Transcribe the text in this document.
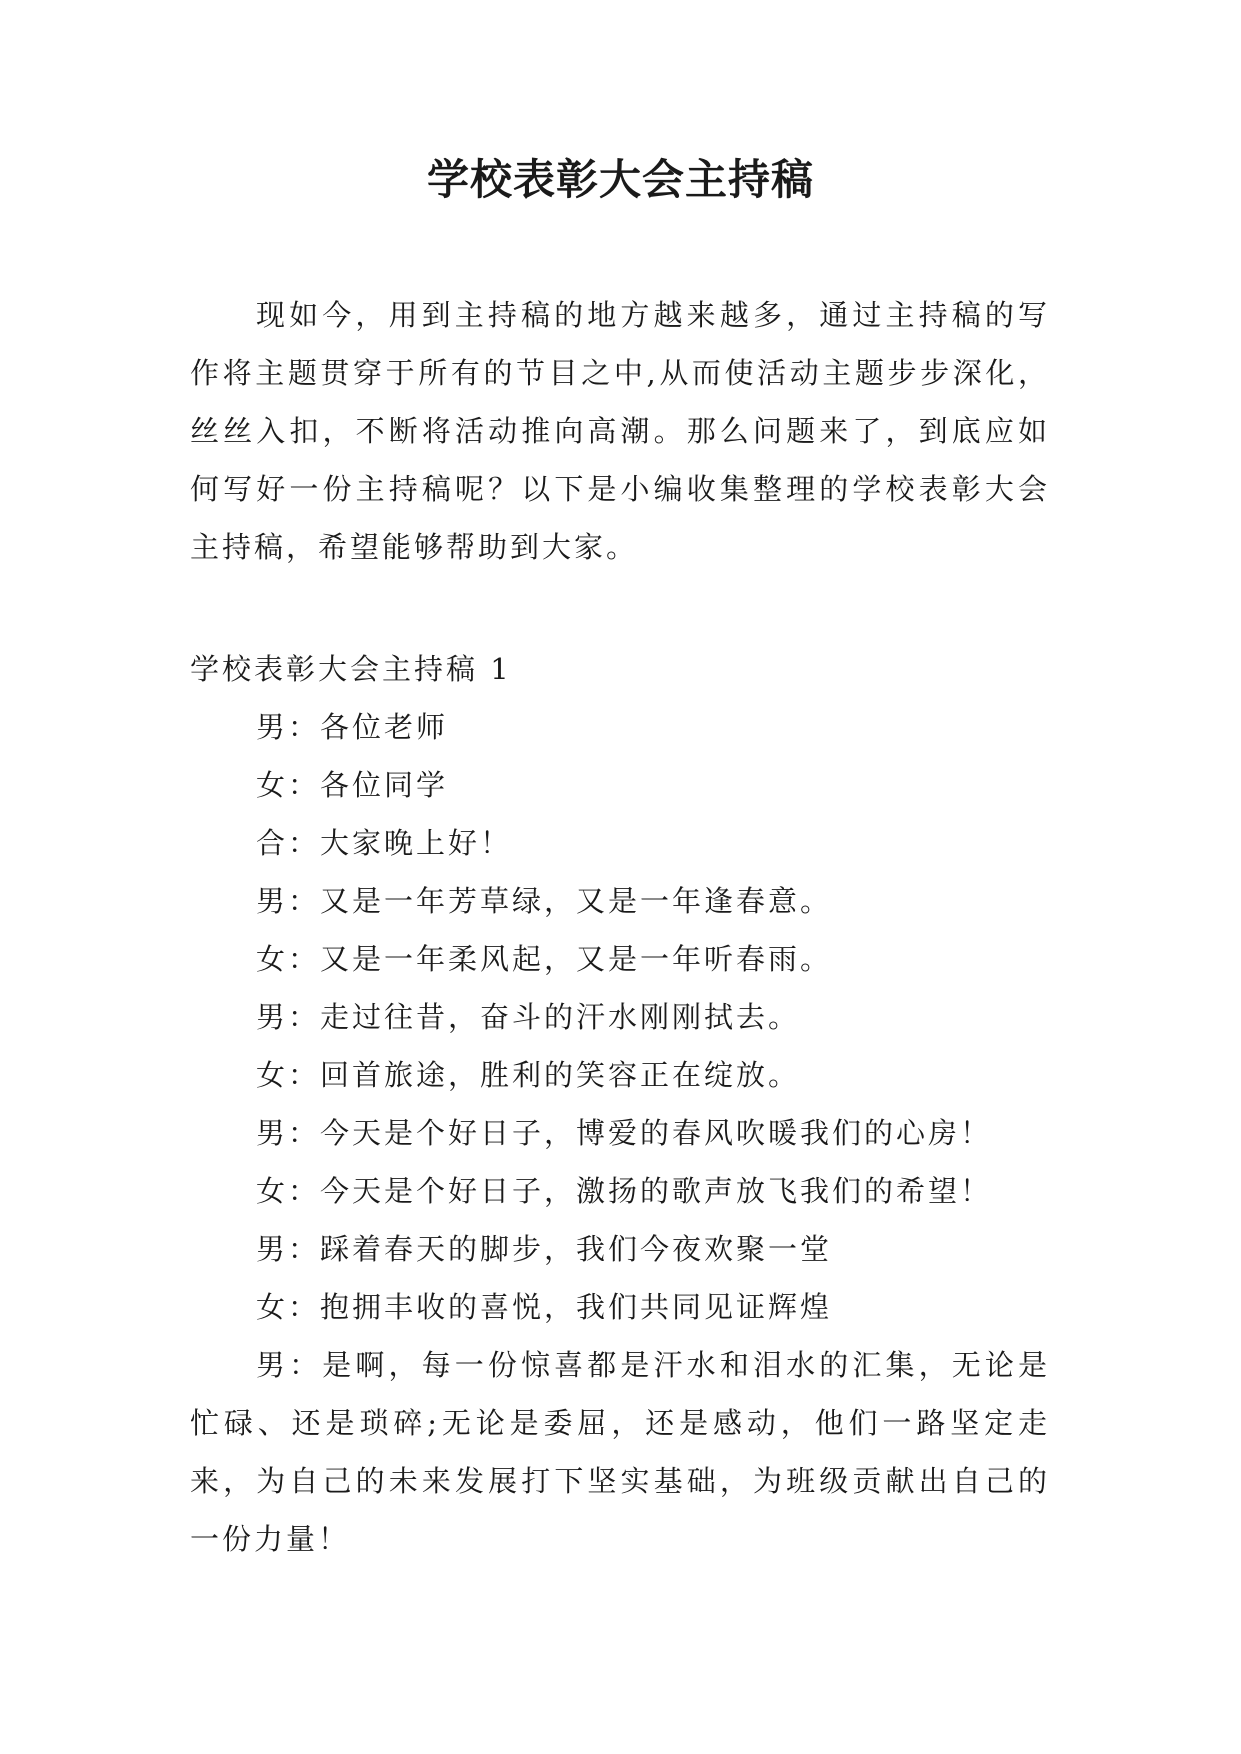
学校表彰大会主持稿

现如今，用到主持稿的地方越来越多，通过主持稿的写作将主题贯穿于所有的节目之中,从而使活动主题步步深化，丝丝入扣，不断将活动推向高潮。那么问题来了，到底应如何写好一份主持稿呢？以下是小编收集整理的学校表彰大会主持稿，希望能够帮助到大家。

学校表彰大会主持稿 1

男：各位老师
女：各位同学
合：大家晚上好！
男：又是一年芳草绿，又是一年逢春意。
女：又是一年柔风起，又是一年听春雨。
男：走过往昔，奋斗的汗水刚刚拭去。
女：回首旅途，胜利的笑容正在绽放。
男：今天是个好日子，博爱的春风吹暖我们的心房！
女：今天是个好日子，激扬的歌声放飞我们的希望！
男：踩着春天的脚步，我们今夜欢聚一堂
女：抱拥丰收的喜悦，我们共同见证辉煌
男：是啊，每一份惊喜都是汗水和泪水的汇集，无论是忙碌、还是琐碎;无论是委屈，还是感动，他们一路坚定走来，为自己的未来发展打下坚实基础，为班级贡献出自己的一份力量！
